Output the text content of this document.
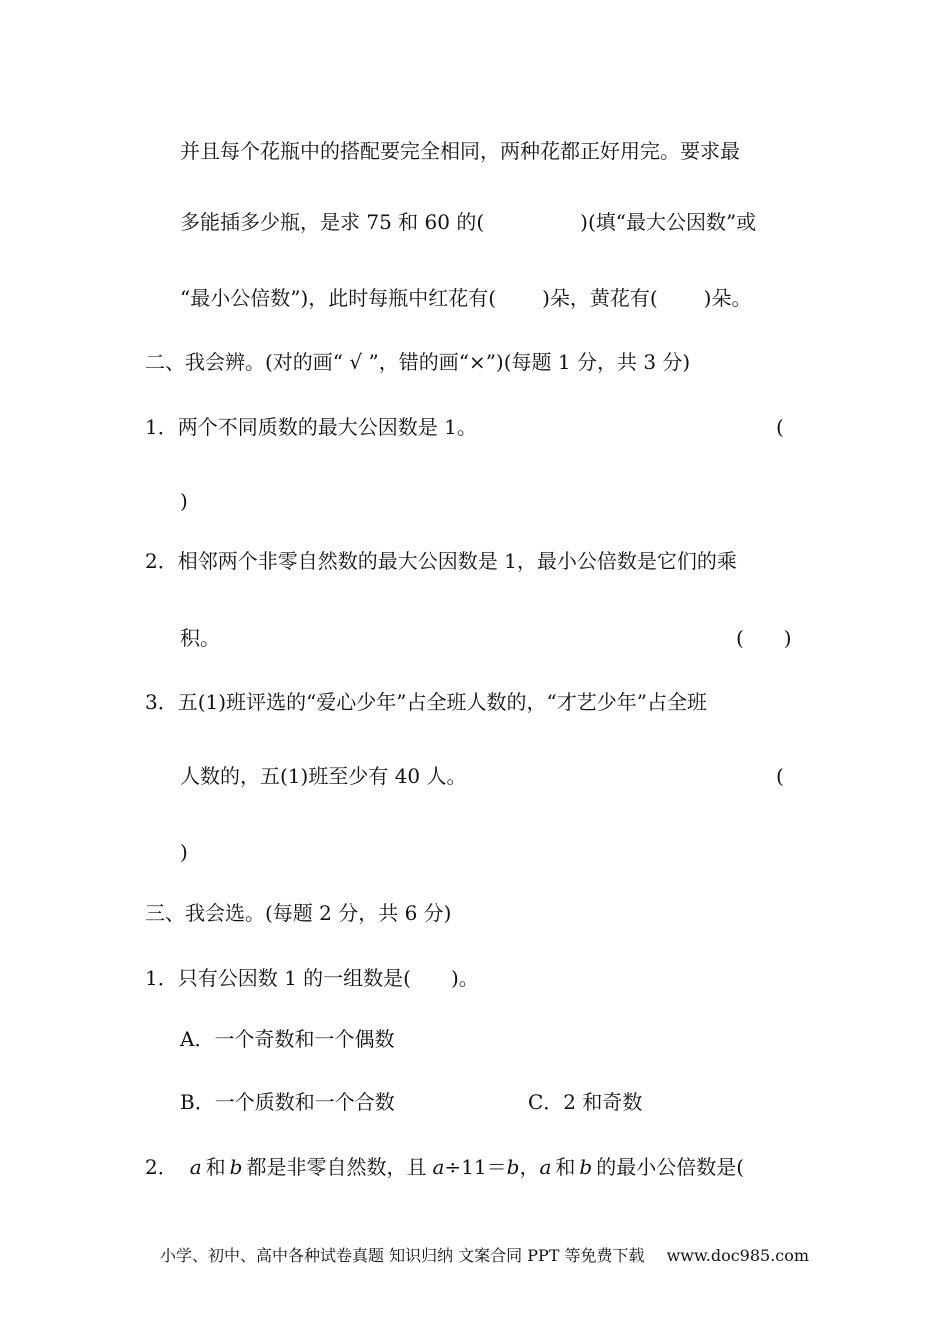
并且每个花瓶中的搭配要完全相同，两种花都正好用完。要求最
多能插多少瓶，是求 75 和 60 的(	)(填“最大公因数”或
“最小公倍数”)，此时每瓶中红花有( )朵，黄花有( )朵。
二、我会辨。(对的画“ √ ”，错的画“×”)(每题 1 分，共 3 分)
1．两个不同质数的最大公因数是 1。	(
)
2．相邻两个非零自然数的最大公因数是 1，最小公倍数是它们的乘
积。	(　　)
3．五(1)班评选的“爱心少年”占全班人数的，“才艺少年”占全班
人数的，五(1)班至少有 40 人。	(
)
三、我会选。(每题 2 分，共 6 分)
1．只有公因数 1 的一组数是(　　)。
A．一个奇数和一个偶数
B．一个质数和一个合数	C．2 和奇数
2． a 和 b 都是非零自然数，且 a÷11＝b，a 和 b 的最小公倍数是(
小学、初中、高中各种试卷真题 知识归纳 文案合同 PPT 等免费下载 www.doc985.com
